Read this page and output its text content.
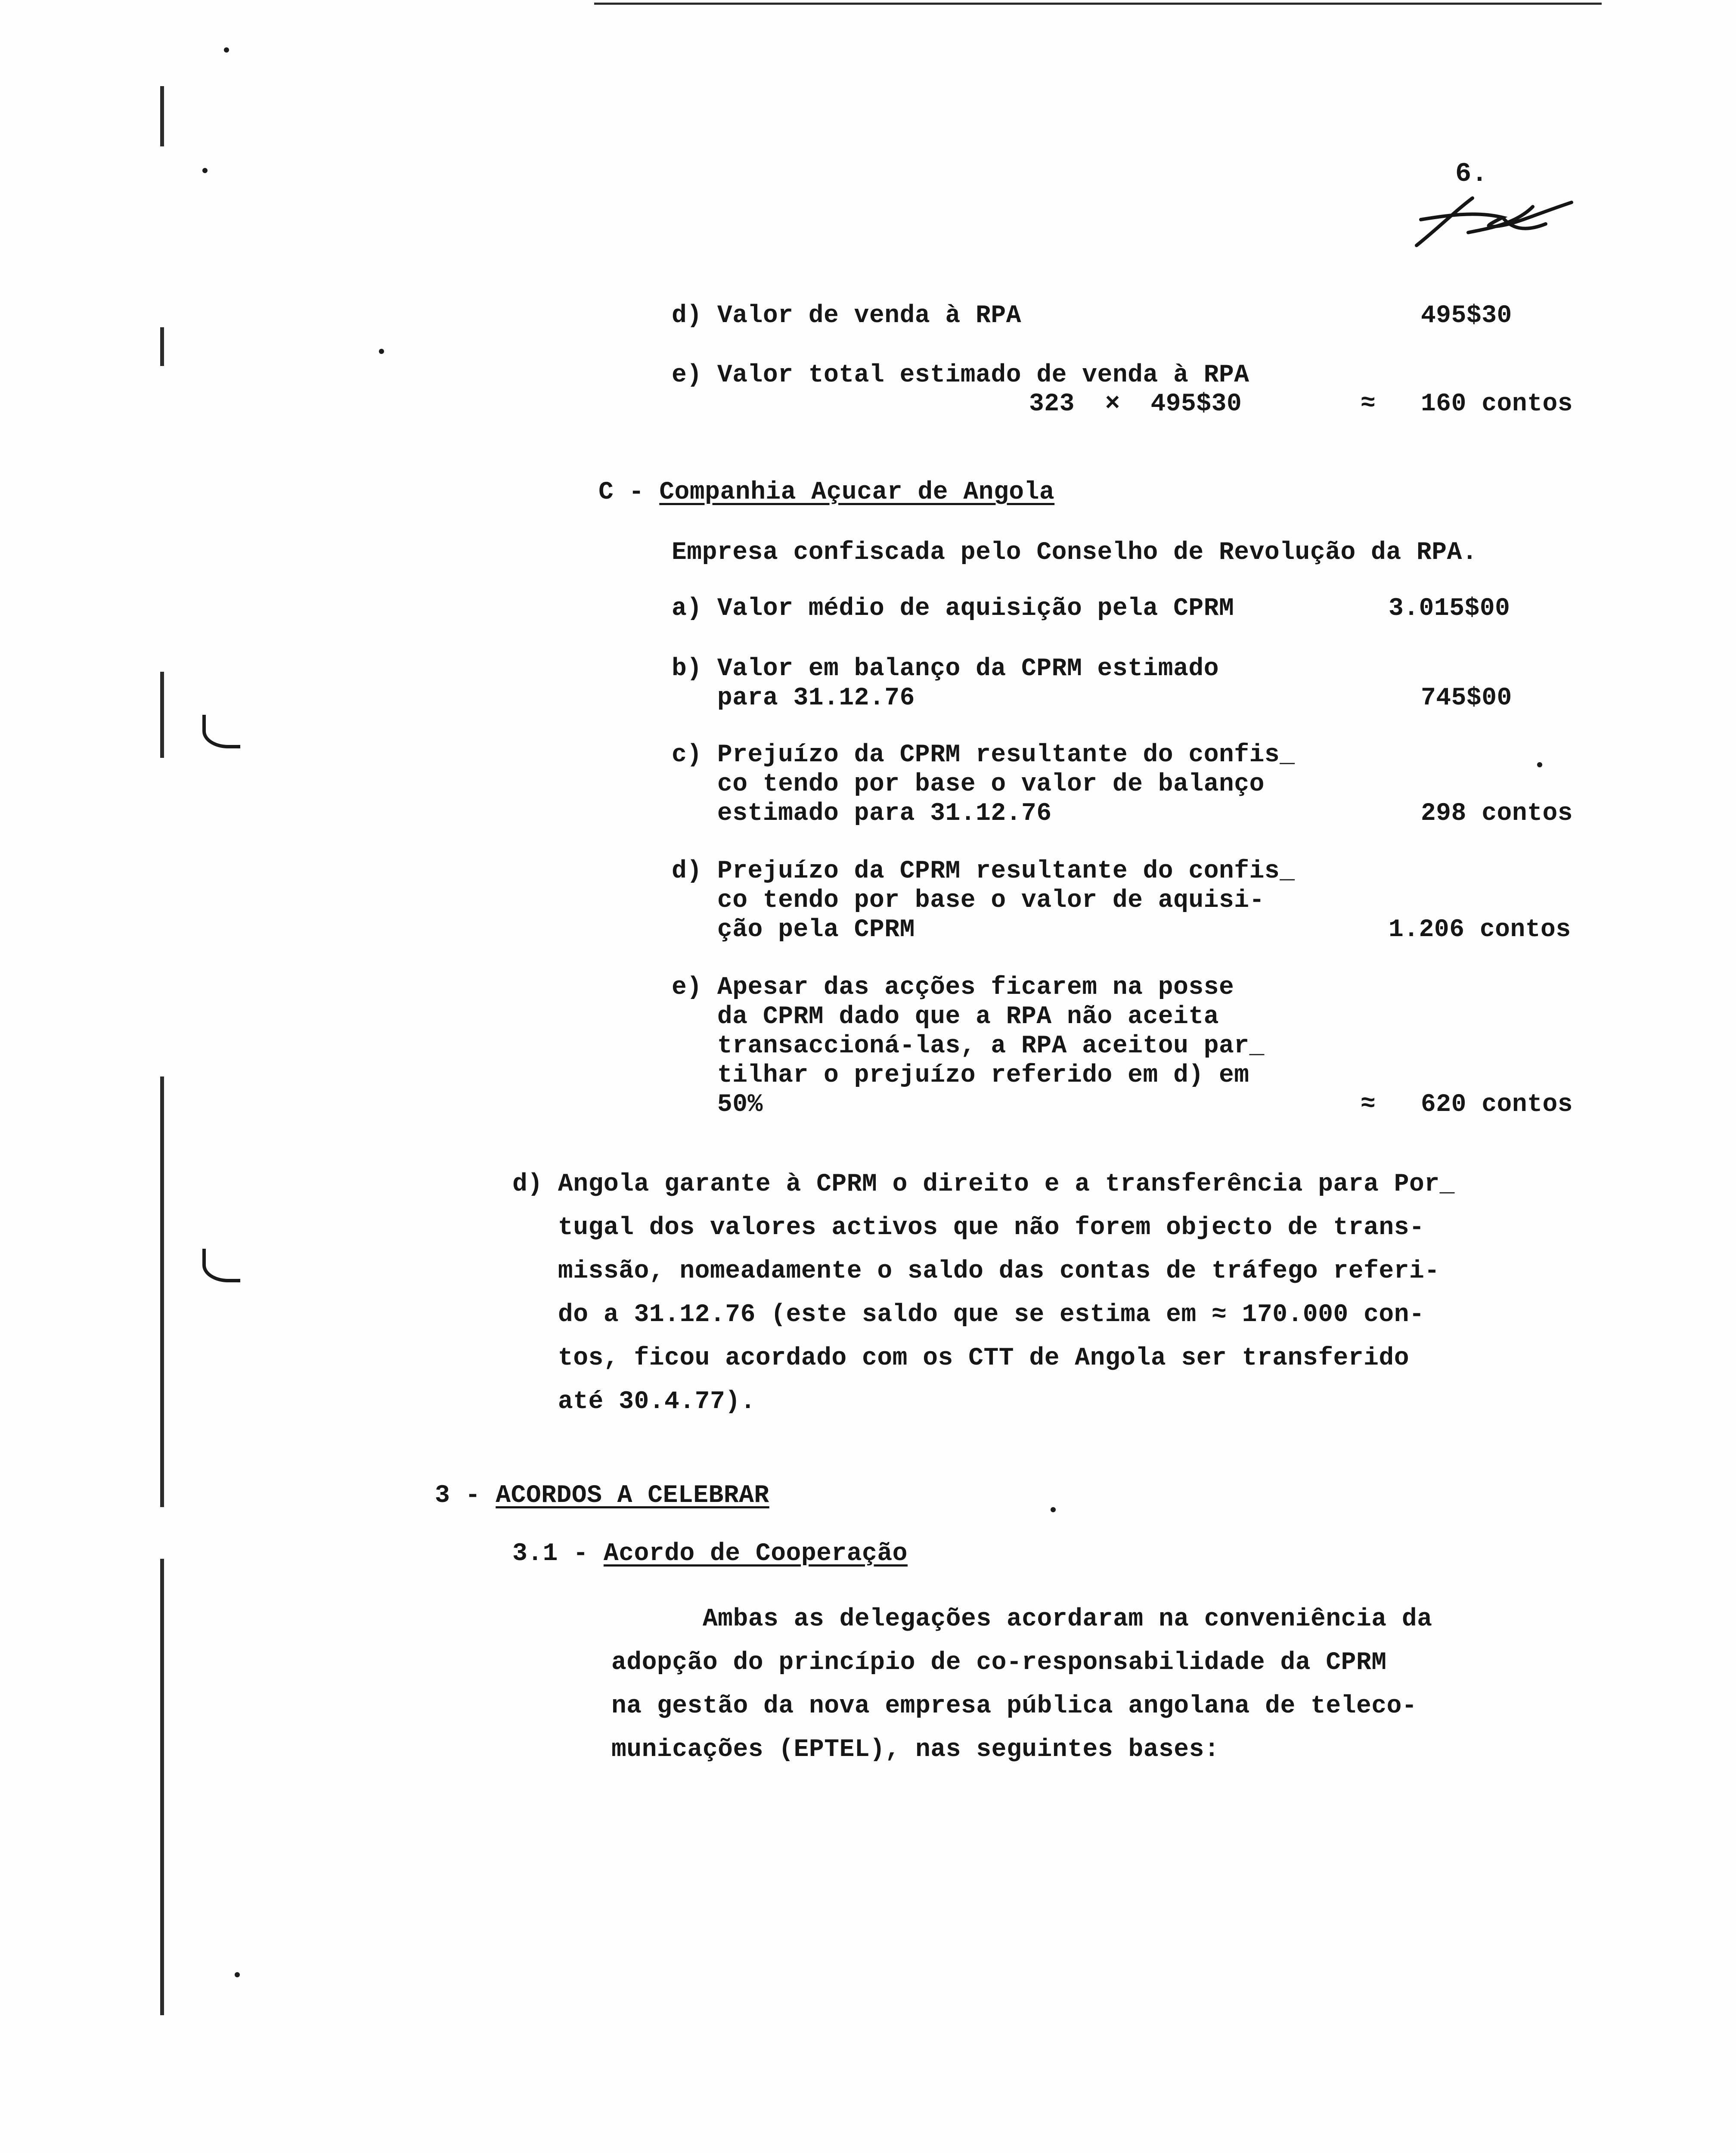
6.
d) Valor de venda à RPA	495$30
e) Valor total estimado de venda à RPA
323  ×  495$30	≈ 160 contos
C - Companhia Açucar de Angola
Empresa confiscada pelo Conselho de Revolução da RPA.
a) Valor médio de aquisição pela CPRM	3.015$00
b) Valor em balanço da CPRM estimado
para 31.12.76	745$00
c) Prejuízo da CPRM resultante do confis_
co tendo por base o valor de balanço
estimado para 31.12.76	298 contos
d) Prejuízo da CPRM resultante do confis_
co tendo por base o valor de aquisi-
ção pela CPRM	1.206 contos
e) Apesar das acções ficarem na posse
da CPRM dado que a RPA não aceita
transaccioná-las, a RPA aceitou par_
tilhar o prejuízo referido em d) em
50%	≈ 620 contos
d) Angola garante à CPRM o direito e a transferência para Por_
tugal dos valores activos que não forem objecto de trans-
missão, nomeadamente o saldo das contas de tráfego referi-
do a 31.12.76 (este saldo que se estima em ≈ 170.000 con-
tos, ficou acordado com os CTT de Angola ser transferido
até 30.4.77).
3 - ACORDOS A CELEBRAR
3.1 - Acordo de Cooperação
Ambas as delegações acordaram na conveniência da
adopção do princípio de co-responsabilidade da CPRM
na gestão da nova empresa pública angolana de teleco-
municações (EPTEL), nas seguintes bases:
